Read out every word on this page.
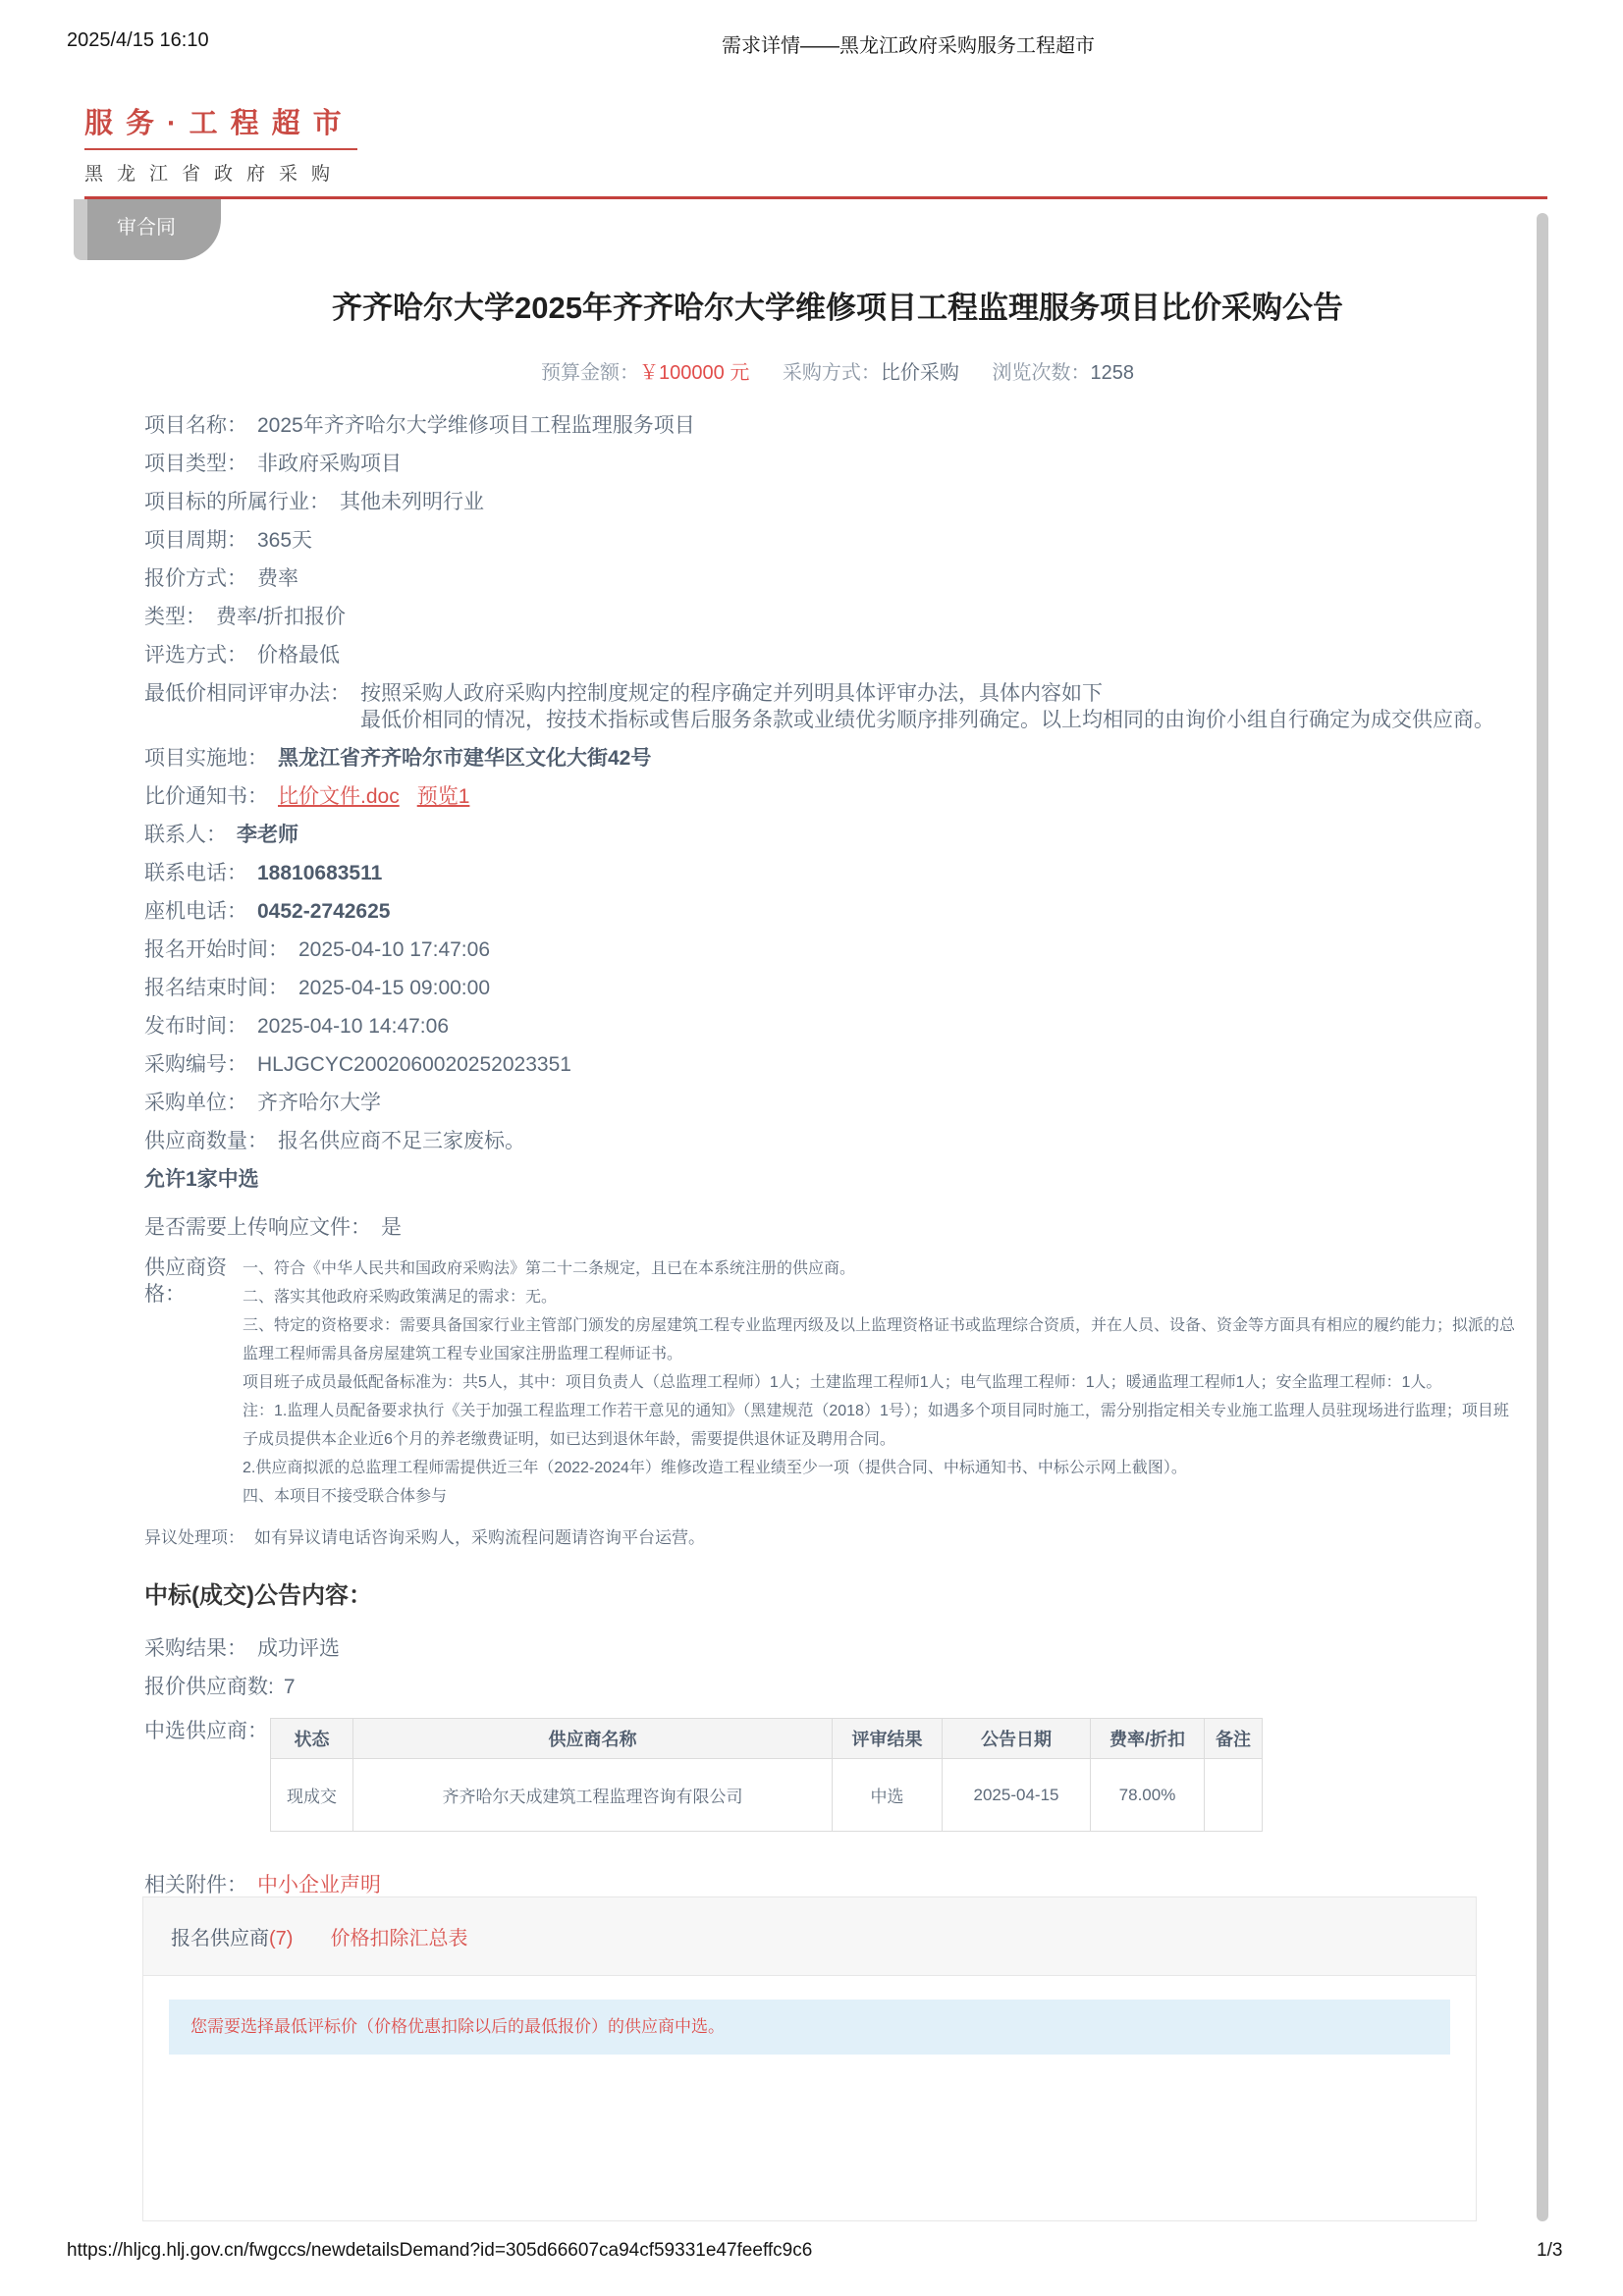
2025/4/15 16:10	需求详情——黑龙江政府采购服务工程超市
服务·工程超市
黑龙江省政府采购
审合同
齐齐哈尔大学2025年齐齐哈尔大学维修项目工程监理服务项目比价采购公告
预算金额：￥100000 元 采购方式：比价采购 浏览次数：1258
项目名称： 2025年齐齐哈尔大学维修项目工程监理服务项目
项目类型： 非政府采购项目
项目标的所属行业： 其他未列明行业
项目周期： 365天
报价方式： 费率
类型： 费率/折扣报价
评选方式： 价格最低
最低价相同评审办法： 按照采购人政府采购内控制度规定的程序确定并列明具体评审办法，具体内容如下
最低价相同的情况，按技术指标或售后服务条款或业绩优劣顺序排列确定。以上均相同的由询价小组自行确定为成交供应商。
项目实施地： 黑龙江省齐齐哈尔市建华区文化大街42号
比价通知书： 比价文件.doc 预览1
联系人： 李老师
联系电话： 18810683511
座机电话： 0452-2742625
报名开始时间： 2025-04-10 17:47:06
报名结束时间： 2025-04-15 09:00:00
发布时间： 2025-04-10 14:47:06
采购编号： HLJGCYC2002060020252023351
采购单位： 齐齐哈尔大学
供应商数量： 报名供应商不足三家废标。
允许1家中选
是否需要上传响应文件： 是
供应商资格：
一、符合《中华人民共和国政府采购法》第二十二条规定，且已在本系统注册的供应商。
二、落实其他政府采购政策满足的需求：无。
三、特定的资格要求：需要具备国家行业主管部门颁发的房屋建筑工程专业监理丙级及以上监理资格证书或监理综合资质，并在人员、设备、资金等方面具有相应的履约能力；拟派的总监理工程师需具备房屋建筑工程专业国家注册监理工程师证书。
项目班子成员最低配备标准为：共5人，其中：项目负责人（总监理工程师）1人；土建监理工程师1人；电气监理工程师：1人；暖通监理工程师1人；安全监理工程师：1人。
注：1.监理人员配备要求执行《关于加强工程监理工作若干意见的通知》（黑建规范（2018）1号）；如遇多个项目同时施工，需分别指定相关专业施工监理人员驻现场进行监理；项目班子成员提供本企业近6个月的养老缴费证明，如已达到退休年龄，需要提供退休证及聘用合同。
2.供应商拟派的总监理工程师需提供近三年（2022-2024年）维修改造工程业绩至少一项（提供合同、中标通知书、中标公示网上截图）。
四、本项目不接受联合体参与
异议处理项： 如有异议请电话咨询采购人，采购流程问题请咨询平台运营。
中标(成交)公告内容：
采购结果： 成功评选
报价供应商数: 7
中选供应商： 状态	供应商名称	评审结果	公告日期	费率/折扣	备注
现成交	齐齐哈尔天成建筑工程监理咨询有限公司	中选	2025-04-15	78.00%	
相关附件： 中小企业声明
报名供应商(7) 价格扣除汇总表
您需要选择最低评标价（价格优惠扣除以后的最低报价）的供应商中选。
https://hljcg.hlj.gov.cn/fwgccs/newdetailsDemand?id=305d66607ca94cf59331e47feeffc9c6	1/3
